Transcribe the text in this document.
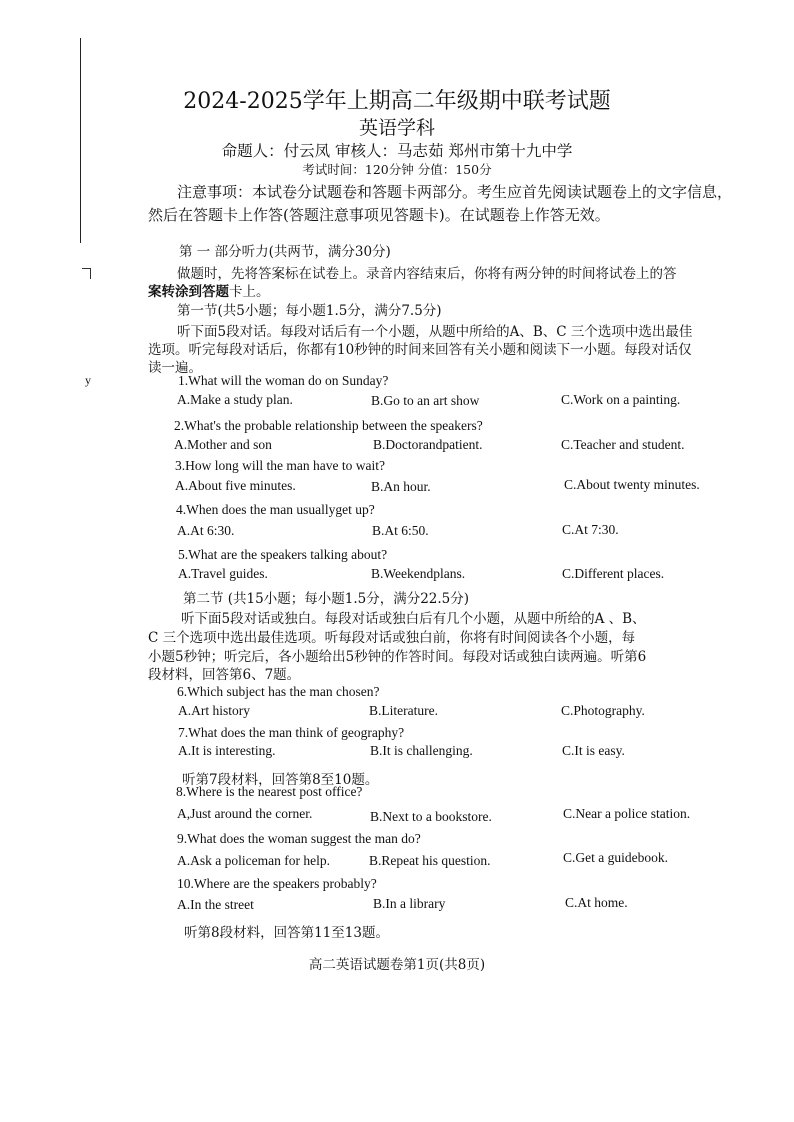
2024-2025学年上期高二年级期中联考试题
英语学科
命题人：付云凤 审核人：马志茹 郑州市第十九中学
考试时间：120分钟 分值：150分
注意事项：本试卷分试题卷和答题卡两部分。考生应首先阅读试题卷上的文字信息，
然后在答题卡上作答(答题注意事项见答题卡)。在试题卷上作答无效。
第 一 部分听力(共两节，满分30分)
做题时，先将答案标在试卷上。录音内容结束后，你将有两分钟的时间将试卷上的答
案转涂到答题卡上。
第一节(共5小题；每小题1.5分，满分7.5分)
听下面5段对话。每段对话后有一个小题，从题中所给的A、B、C 三个选项中选出最佳
选项。听完每段对话后，你都有10秒钟的时间来回答有关小题和阅读下一小题。每段对话仅
读一遍。
y	1.What will the woman do on Sunday?
A.Make a study plan.	B.Go to an art show	C.Work on a painting.
2.What's the probable relationship between the speakers?
A.Mother and son	B.Doctorandpatient.	C.Teacher and student.
3.How long will the man have to wait?
A.About five minutes.	B.An hour.	C.About twenty minutes.
4.When does the man usuallyget up?
A.At 6:30.	B.At 6:50.	C.At 7:30.
5.What are the speakers talking about?
A.Travel guides.	B.Weekendplans.	C.Different places.
第二节 (共15小题；每小题1.5分，满分22.5分)
听下面5段对话或独白。每段对话或独白后有几个小题，从题中所给的A 、B、
C 三个选项中选出最佳选项。听每段对话或独白前，你将有时间阅读各个小题，每
小题5秒钟；听完后，各小题给出5秒钟的作答时间。每段对话或独白读两遍。听第6
段材料，回答第6、7题。
6.Which subject has the man chosen?
A.Art history	B.Literature.	C.Photography.
7.What does the man think of geography?
A.It is interesting.	B.It is challenging.	C.It is easy.
听第7段材料，回答第8至10题。
8.Where is the nearest post office?
A,Just around the corner.	B.Next to a bookstore.	C.Near a police station.
9.What does the woman suggest the man do?
A.Ask a policeman for help.	B.Repeat his question.	C.Get a guidebook.
10.Where are the speakers probably?
A.In the street	B.In a library	C.At home.
听第8段材料，回答第11至13题。
高二英语试题卷第1页(共8页)
